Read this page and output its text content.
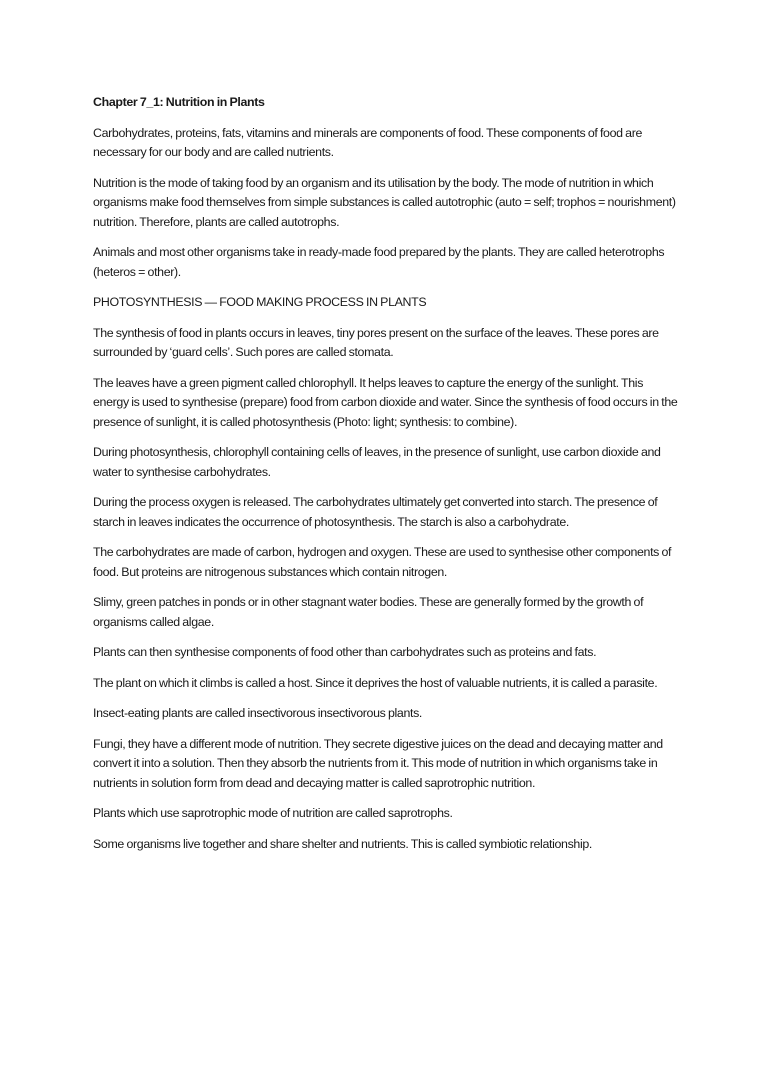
Chapter 7_1: Nutrition in Plants

Carbohydrates, proteins, fats, vitamins and minerals are components of food. These components of food are necessary for our body and are called nutrients.

Nutrition is the mode of taking food by an organism and its utilisation by the body. The mode of nutrition in which organisms make food themselves from simple substances is called autotrophic (auto = self; trophos = nourishment) nutrition. Therefore, plants are called autotrophs.

Animals and most other organisms take in ready-made food prepared by the plants. They are called heterotrophs (heteros = other).

PHOTOSYNTHESIS — FOOD MAKING PROCESS IN PLANTS

The synthesis of food in plants occurs in leaves, tiny pores present on the surface of the leaves. These pores are surrounded by ‘guard cells’. Such pores are called stomata.

The leaves have a green pigment called chlorophyll. It helps leaves to capture the energy of the sunlight. This energy is used to synthesise (prepare) food from carbon dioxide and water. Since the synthesis of food occurs in the presence of sunlight, it is called photosynthesis (Photo: light; synthesis: to combine).

During photosynthesis, chlorophyll containing cells of leaves, in the presence of sunlight, use carbon dioxide and water to synthesise carbohydrates.

During the process oxygen is released. The carbohydrates ultimately get converted into starch. The presence of starch in leaves indicates the occurrence of photosynthesis. The starch is also a carbohydrate.

The carbohydrates are made of carbon, hydrogen and oxygen. These are used to synthesise other components of food. But proteins are nitrogenous substances which contain nitrogen.

Slimy, green patches in ponds or in other stagnant water bodies. These are generally formed by the growth of organisms called algae.

Plants can then synthesise components of food other than carbohydrates such as proteins and fats.

The plant on which it climbs is called a host. Since it deprives the host of valuable nutrients, it is called a parasite.

Insect-eating plants are called insectivorous insectivorous plants.

Fungi, they have a different mode of nutrition. They secrete digestive juices on the dead and decaying matter and convert it into a solution. Then they absorb the nutrients from it. This mode of nutrition in which organisms take in nutrients in solution form from dead and decaying matter is called saprotrophic nutrition.

Plants which use saprotrophic mode of nutrition are called saprotrophs.

Some organisms live together and share shelter and nutrients. This is called symbiotic relationship.
